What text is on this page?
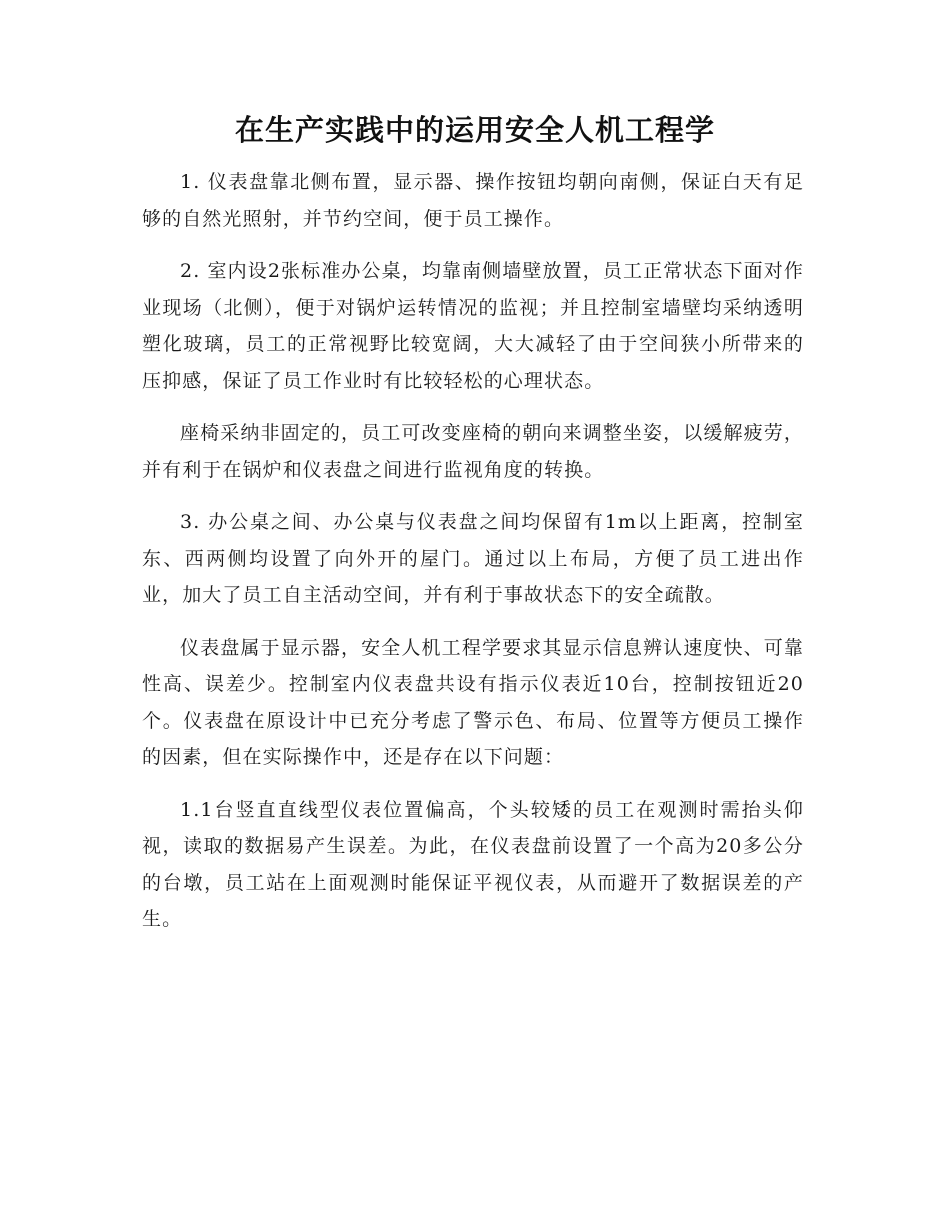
在生产实践中的运用安全人机工程学

1. 仪表盘靠北侧布置，显示器、操作按钮均朝向南侧，保证白天有足够的自然光照射，并节约空间，便于员工操作。

2. 室内设2张标准办公桌，均靠南侧墙壁放置，员工正常状态下面对作业现场（北侧），便于对锅炉运转情况的监视；并且控制室墙壁均采纳透明塑化玻璃，员工的正常视野比较宽阔，大大减轻了由于空间狭小所带来的压抑感，保证了员工作业时有比较轻松的心理状态。

座椅采纳非固定的，员工可改变座椅的朝向来调整坐姿，以缓解疲劳，并有利于在锅炉和仪表盘之间进行监视角度的转换。

3. 办公桌之间、办公桌与仪表盘之间均保留有1m以上距离，控制室东、西两侧均设置了向外开的屋门。通过以上布局，方便了员工进出作业，加大了员工自主活动空间，并有利于事故状态下的安全疏散。

仪表盘属于显示器，安全人机工程学要求其显示信息辨认速度快、可靠性高、误差少。控制室内仪表盘共设有指示仪表近10台，控制按钮近20个。仪表盘在原设计中已充分考虑了警示色、布局、位置等方便员工操作的因素，但在实际操作中，还是存在以下问题：

1.1台竖直直线型仪表位置偏高，个头较矮的员工在观测时需抬头仰视，读取的数据易产生误差。为此，在仪表盘前设置了一个高为20多公分的台墩，员工站在上面观测时能保证平视仪表，从而避开了数据误差的产生。
